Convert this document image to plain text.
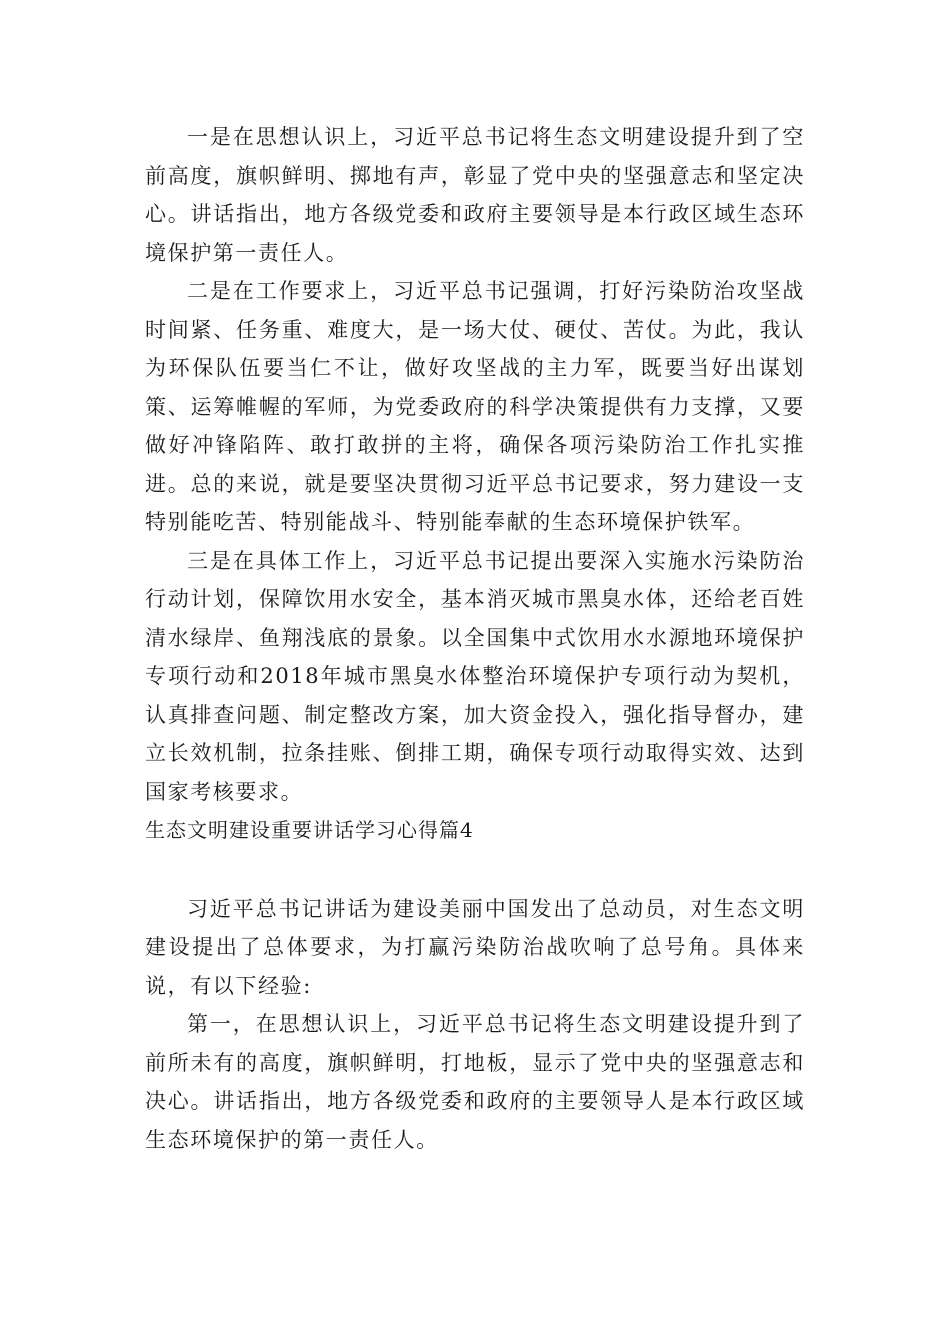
一是在思想认识上，习近平总书记将生态文明建设提升到了空前高度，旗帜鲜明、掷地有声，彰显了党中央的坚强意志和坚定决心。讲话指出，地方各级党委和政府主要领导是本行政区域生态环境保护第一责任人。

二是在工作要求上，习近平总书记强调，打好污染防治攻坚战时间紧、任务重、难度大，是一场大仗、硬仗、苦仗。为此，我认为环保队伍要当仁不让，做好攻坚战的主力军，既要当好出谋划策、运筹帷幄的军师，为党委政府的科学决策提供有力支撑，又要做好冲锋陷阵、敢打敢拼的主将，确保各项污染防治工作扎实推进。总的来说，就是要坚决贯彻习近平总书记要求，努力建设一支特别能吃苦、特别能战斗、特别能奉献的生态环境保护铁军。

三是在具体工作上，习近平总书记提出要深入实施水污染防治行动计划，保障饮用水安全，基本消灭城市黑臭水体，还给老百姓清水绿岸、鱼翔浅底的景象。以全国集中式饮用水水源地环境保护专项行动和2018年城市黑臭水体整治环境保护专项行动为契机，认真排查问题、制定整改方案，加大资金投入，强化指导督办，建立长效机制，拉条挂账、倒排工期，确保专项行动取得实效、达到国家考核要求。

生态文明建设重要讲话学习心得篇4

习近平总书记讲话为建设美丽中国发出了总动员，对生态文明建设提出了总体要求，为打赢污染防治战吹响了总号角。具体来说，有以下经验:

第一，在思想认识上，习近平总书记将生态文明建设提升到了前所未有的高度，旗帜鲜明，打地板，显示了党中央的坚强意志和决心。讲话指出，地方各级党委和政府的主要领导人是本行政区域生态环境保护的第一责任人。
